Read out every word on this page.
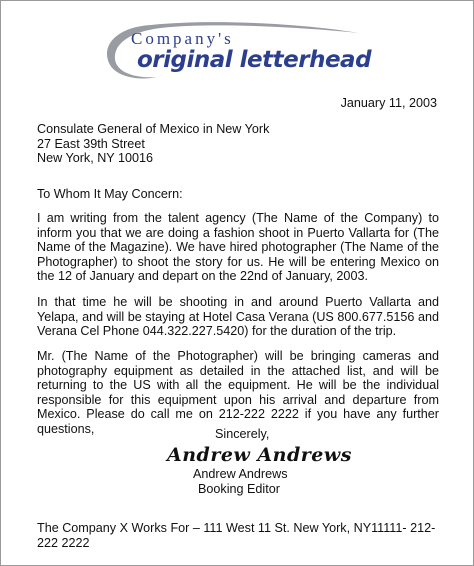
Company's
original letterhead
January 11, 2003
Consulate General of Mexico in New York
27 East 39th Street
New York, NY 10016
To Whom It May Concern:
I am writing from the talent agency (The Name of the Company) to inform you that we are doing a fashion shoot in Puerto Vallarta for (The Name of the Magazine). We have hired photographer (The Name of the Photographer) to shoot the story for us. He will be entering Mexico on the 12 of January and depart on the 22nd of January, 2003.
In that time he will be shooting in and around Puerto Vallarta and Yelapa, and will be staying at Hotel Casa Verana (US 800.677.5156 and Verana Cel Phone 044.322.227.5420) for the duration of the trip.
Mr. (The Name of the Photographer) will be bringing cameras and photography equipment as detailed in the attached list, and will be returning to the US with all the equipment. He will be the individual responsible for this equipment upon his arrival and departure from Mexico. Please do call me on 212-222 2222 if you have any further questions,	Sincerely,
Andrew Andrews
Andrew Andrews
Booking Editor
The Company X Works For – 111 West 11 St. New York, NY11111- 212-222 2222
